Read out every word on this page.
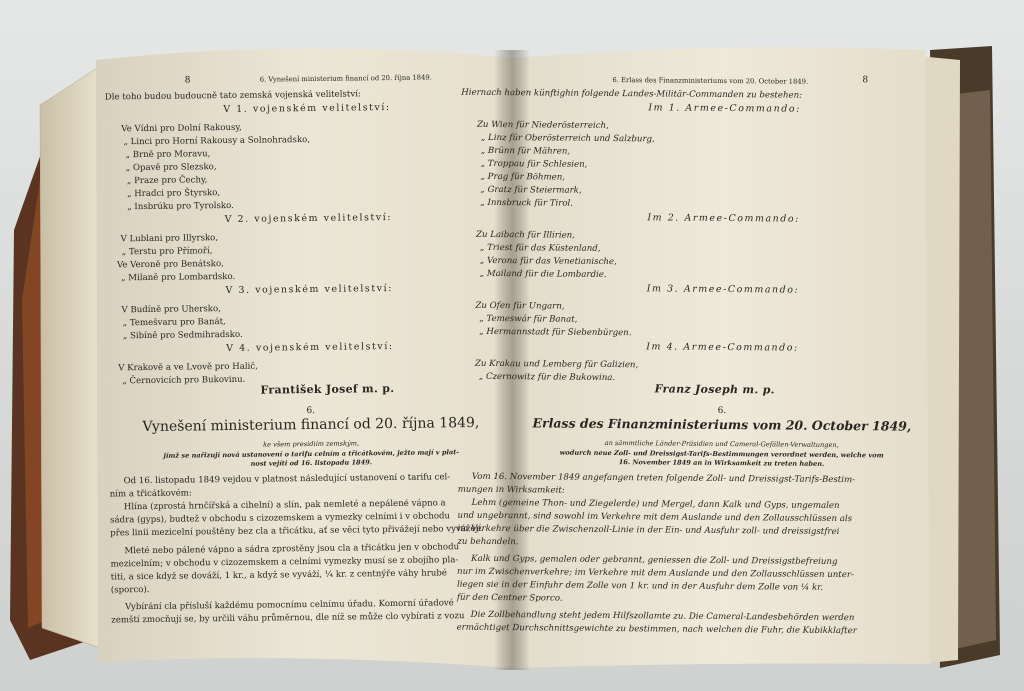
8	6. Vynešení ministerium financí od 20. října 1849.
Dle toho budou budoucně tato zemská vojenská velitelství:
V 1. vojenském velitelství:
Ve Vídni pro Dolní Rakousy,
„ Linci pro Horní Rakousy a Solnohradsko,
„ Brně pro Moravu,
„ Opavě pro Slezsko,
„ Praze pro Čechy,
„ Hradci pro Štyrsko,
„ Insbrúku pro Tyrolsko.
V 2. vojenském velitelství:
V Lublani pro Illyrsko,
„ Terstu pro Přímoří,
Ve Veroně pro Benátsko,
„ Milaně pro Lombardsko.
V 3. vojenském velitelství:
V Budíně pro Uhersko,
„ Temešvaru pro Banát,
„ Sibíně pro Sedmihradsko.
V 4. vojenském velitelství:
V Krakově a ve Lvově pro Halič,
„ Černovicích pro Bukovinu.
František Josef m. p.
6.
Vynešení ministerium financí od 20. října 1849,
ke všem presidiím zemským,
jímž se nařizují nová ustanovení o tarifu celním a třicátkovém, ježto mají v plat-
nost vejíti od 16. listopadu 1849.
Od 16. listopadu 1849 vejdou v platnost následující ustanovení o tarifu cel-
ním a třicátkovém:
Hlína (zprostá hrnčířská a cihelní) a slín, pak nemleté a nepálené vápno a
sádra (gyps), budtež v obchodu s cizozemskem a vymezky celními i v obchodu
přes linii mezicelní pouštěny bez cla a třicátku, ať se věci tyto přivážejí nebo vyvážejí.
Mleté nebo pálené vápno a sádra zprostěny jsou cla a třicátku jen v obchodu
mezicelním; v obchodu v cizozemskem a celními vymezky musí se z obojího pla-
titi, a sice když se dováží, 1 kr., a když se vyváží, ¼ kr. z centnýře váhy hrubé
(sporco).
Vybírání cla přísluší každému pomocnímu celnímu úřadu. Komorní úřadové
zemští zmocňují se, by určili váhu průměrnou, dle níž se může clo vybírati z vozu
6. Erlass des Finanzministeriums vom 20. October 1849.	8
Hiernach haben künftighin folgende Landes-Militär-Commanden zu bestehen:
Im 1. Armee-Commando:
Zu Wien für Niederösterreich,
„ Linz für Oberösterreich und Salzburg,
„ Brünn für Mähren,
„ Troppau für Schlesien,
„ Prag für Böhmen,
„ Gratz für Steiermark,
„ Innsbruck für Tirol.
Im 2. Armee-Commando:
Zu Laibach für Illirien,
„ Triest für das Küstenland,
„ Verona für das Venetianische,
„ Mailand für die Lombardie.
Im 3. Armee-Commando:
Zu Ofen für Ungarn,
„ Temeswár für Banat,
„ Hermannstadt für Siebenbürgen.
Im 4. Armee-Commando:
Zu Krakau und Lemberg für Galizien,
„ Czernowitz für die Bukowina.
Franz Joseph m. p.
6.
Erlass des Finanzministeriums vom 20. October 1849,
an sämmtliche Länder-Präsidien und Cameral-Gefällen-Verwaltungen,
wodurch neue Zoll- und Dreissigst-Tarifs-Bestimmungen verordnet werden, welche vom
16. November 1849 an in Wirksamkeit zu treten haben.
Vom 16. November 1849 angefangen treten folgende Zoll- und Dreissigst-Tarifs-Bestim-
mungen in Wirksamkeit:
Lehm (gemeine Thon- und Ziegelerde) und Mergel, dann Kalk und Gyps, ungemalen
und ungebrannt, sind sowohl im Verkehre mit dem Auslande und den Zollausschlüssen als
im Verkehre über die Zwischenzoll-Linie in der Ein- und Ausfuhr zoll- und dreissigstfrei
zu behandeln.
Kalk und Gyps, gemalen oder gebrannt, geniessen die Zoll- und Dreissigstbefreiung
nur im Zwischenverkehre; im Verkehre mit dem Auslande und den Zollausschlüssen unter-
liegen sie in der Einfuhr dem Zolle von 1 kr. und in der Ausfuhr dem Zolle von ¼ kr.
für den Centner Sporco.
Die Zollbehandlung steht jedem Hilfszollamte zu. Die Cameral-Landesbehörden werden
ermächtiget Durchschnittsgewichte zu bestimmen, nach welchen die Fuhr, die Kubikklafter
